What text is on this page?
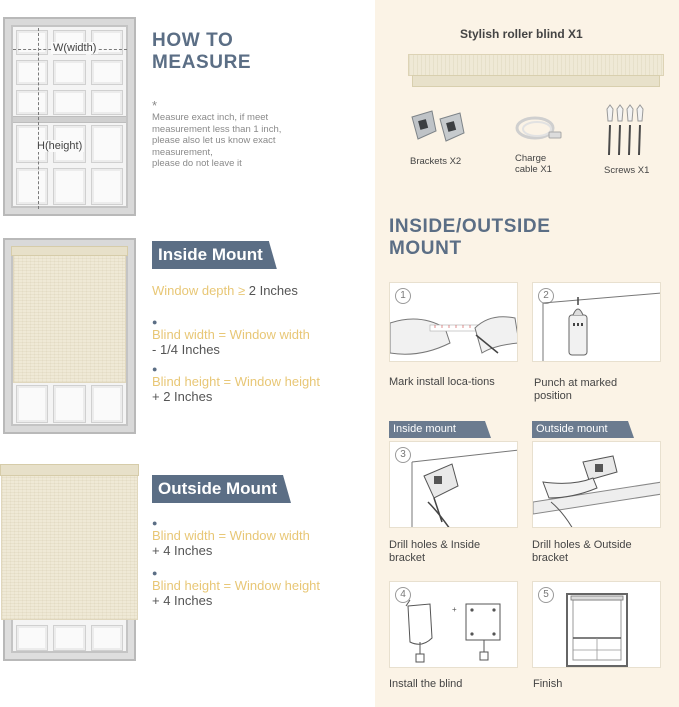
W(width)
H(height)
HOW TO
MEASURE
*
Measure exact inch, if meet
measurement less than 1 inch,
please also let us know exact
measurement,
please do not leave it
Inside Mount
Window depth ≥ 2 Inches
●
Blind width = Window width
- 1/4 Inches
●
Blind height = Window height
+ 2 Inches
Outside Mount
●
Blind width = Window width
+ 4 Inches
●
Blind height = Window height
+ 4 Inches
Stylish roller blind X1
Brackets X2	Charge
cable X1	Screws X1
INSIDE/OUTSIDE
MOUNT
1
Mark install loca-tions
2
Punch at marked
position
Inside mount	Outside mount
3
Drill holes & Inside
bracket
Drill holes & Outside
bracket
4
+
Install the blind
5
Finish
